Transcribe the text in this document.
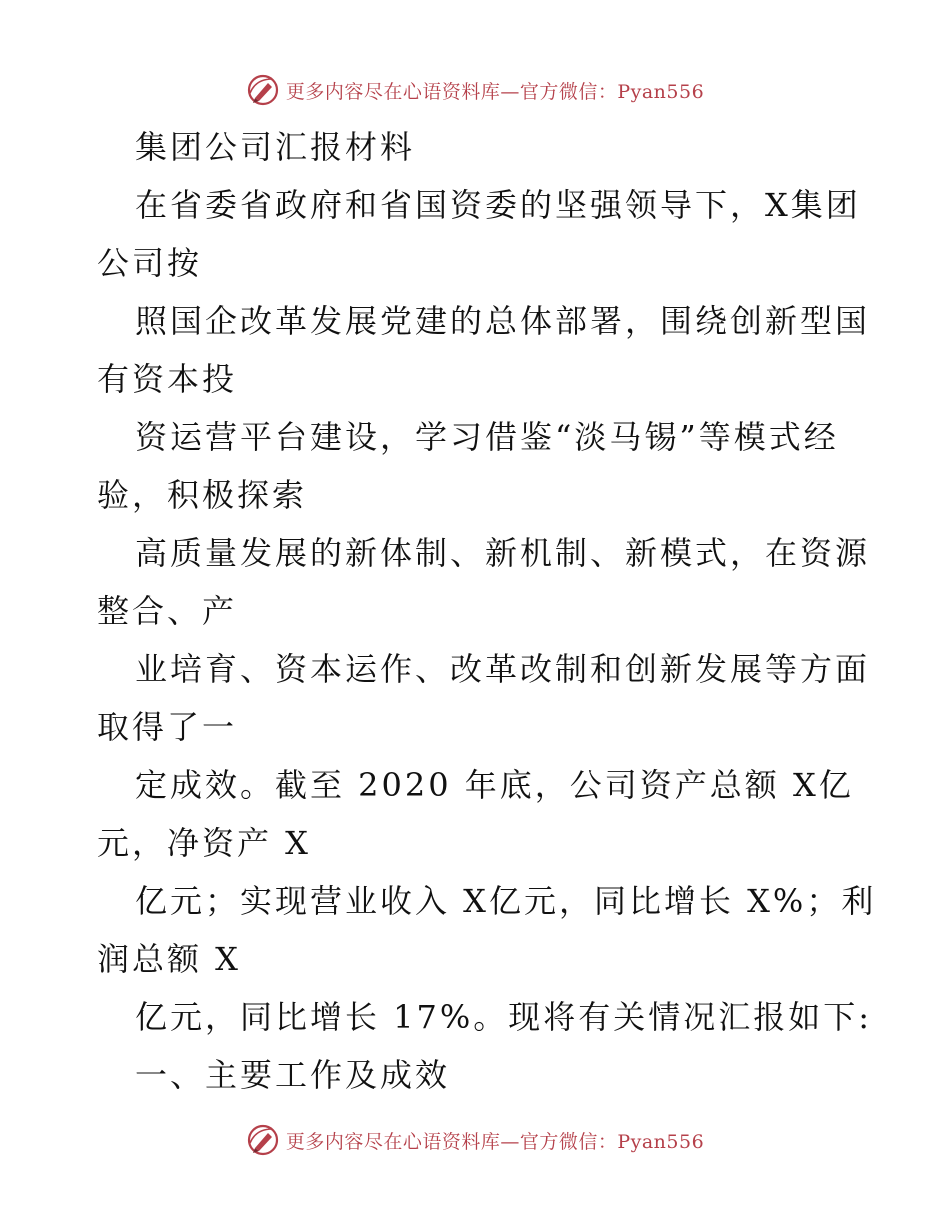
更多内容尽在心语资料库—官方微信：Pyan556
集团公司汇报材料
在省委省政府和省国资委的坚强领导下，X集团
公司按
照国企改革发展党建的总体部署，围绕创新型国
有资本投
资运营平台建设，学习借鉴“淡马锡”等模式经
验，积极探索
高质量发展的新体制、新机制、新模式，在资源
整合、产
业培育、资本运作、改革改制和创新发展等方面
取得了一
定成效。截至 2020 年底，公司资产总额 X亿
元，净资产 X
亿元；实现营业收入 X亿元，同比增长 X%；利
润总额 X
亿元，同比增长 17%。现将有关情况汇报如下:
一、主要工作及成效
更多内容尽在心语资料库—官方微信：Pyan556
